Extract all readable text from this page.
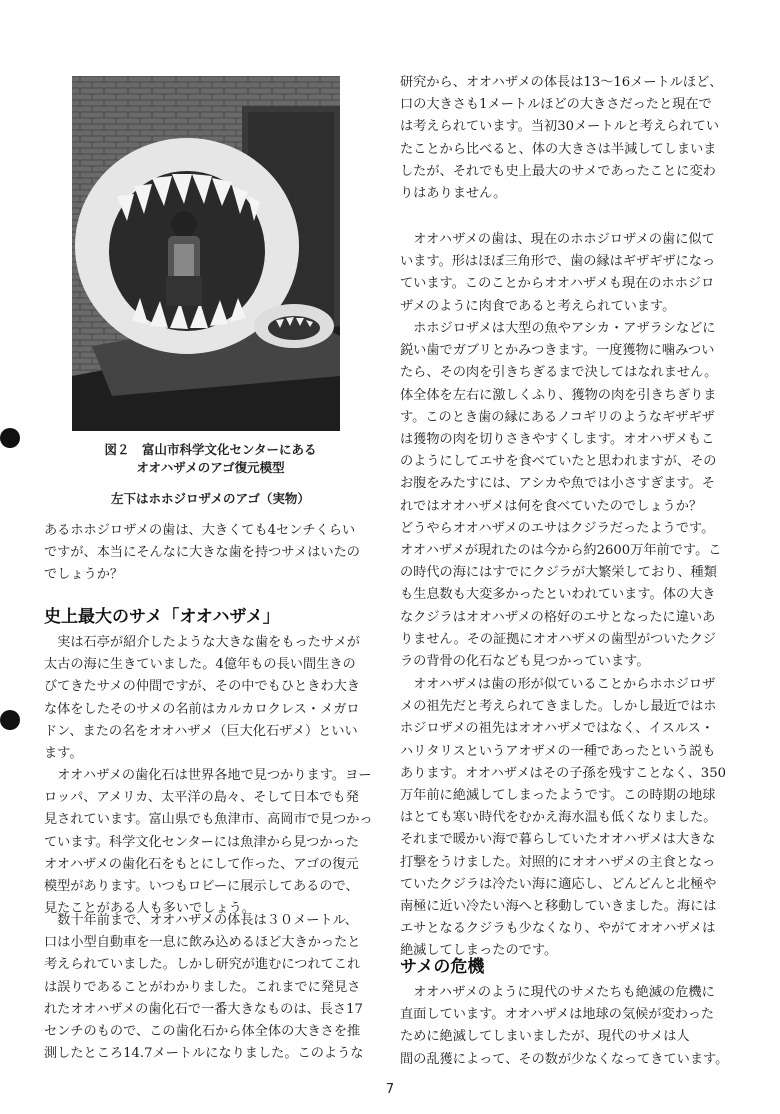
図２　富山市科学文化センターにある
オオハザメのアゴ復元模型
左下はホホジロザメのアゴ（実物）
あるホホジロザメの歯は、大きくても4センチくらい
ですが、本当にそんなに大きな歯を持つサメはいたの
でしょうか？
史上最大のサメ「オオハザメ」
　実は石亭が紹介したような大きな歯をもったサメが
太古の海に生きていました。4億年もの長い間生きの
びてきたサメの仲間ですが、その中でもひときわ大き
な体をしたそのサメの名前はカルカロクレス・メガロ
ドン、またの名をオオハザメ（巨大化石ザメ）といい
ます。
　オオハザメの歯化石は世界各地で見つかります。ヨー
ロッパ、アメリカ、太平洋の島々、そして日本でも発
見されています。富山県でも魚津市、高岡市で見つかっ
ています。科学文化センターには魚津から見つかった
オオハザメの歯化石をもとにして作った、アゴの復元
模型があります。いつもロビーに展示してあるので、
見たことがある人も多いでしょう。
　数十年前まで、オオハザメの体長は３０メートル、
口は小型自動車を一息に飲み込めるほど大きかったと
考えられていました。しかし研究が進むにつれてこれ
は誤りであることがわかりました。これまでに発見さ
れたオオハザメの歯化石で一番大きなものは、長さ17
センチのもので、この歯化石から体全体の大きさを推
測したところ14.7メートルになりました。このような
研究から、オオハザメの体長は13〜16メートルほど、
口の大きさも1メートルほどの大きさだったと現在で
は考えられています。当初30メートルと考えられてい
たことから比べると、体の大きさは半減してしまいま
したが、それでも史上最大のサメであったことに変わ
りはありません。
　オオハザメの歯は、現在のホホジロザメの歯に似て
います。形はほぼ三角形で、歯の縁はギザギザになっ
ています。このことからオオハザメも現在のホホジロ
ザメのように肉食であると考えられています。
　ホホジロザメは大型の魚やアシカ・アザラシなどに
鋭い歯でガブリとかみつきます。一度獲物に噛みつい
たら、その肉を引きちぎるまで決してはなれません。
体全体を左右に激しくふり、獲物の肉を引きちぎりま
す。このとき歯の縁にあるノコギリのようなギザギザ
は獲物の肉を切りさきやすくします。オオハザメもこ
のようにしてエサを食べていたと思われますが、その
お腹をみたすには、アシカや魚では小さすぎます。そ
れではオオハザメは何を食べていたのでしょうか？
どうやらオオハザメのエサはクジラだったようです。
オオハザメが現れたのは今から約2600万年前です。こ
の時代の海にはすでにクジラが大繁栄しており、種類
も生息数も大変多かったといわれています。体の大き
なクジラはオオハザメの格好のエサとなったに違いあ
りません。その証拠にオオハザメの歯型がついたクジ
ラの背骨の化石なども見つかっています。
　オオハザメは歯の形が似ていることからホホジロザ
メの祖先だと考えられてきました。しかし最近ではホ
ホジロザメの祖先はオオハザメではなく、イスルス・
ハリタリスというアオザメの一種であったという説も
あります。オオハザメはその子孫を残すことなく、350
万年前に絶滅してしまったようです。この時期の地球
はとても寒い時代をむかえ海水温も低くなりました。
それまで暖かい海で暮らしていたオオハザメは大きな
打撃をうけました。対照的にオオハザメの主食となっ
ていたクジラは冷たい海に適応し、どんどんと北極や
南極に近い冷たい海へと移動していきました。海には
エサとなるクジラも少なくなり、やがてオオハザメは
絶滅してしまったのです。
サメの危機
　オオハザメのように現代のサメたちも絶滅の危機に
直面しています。オオハザメは地球の気候が変わった
ために絶滅してしまいましたが、現代のサメは人
間の乱獲によって、その数が少なくなってきています。
7
